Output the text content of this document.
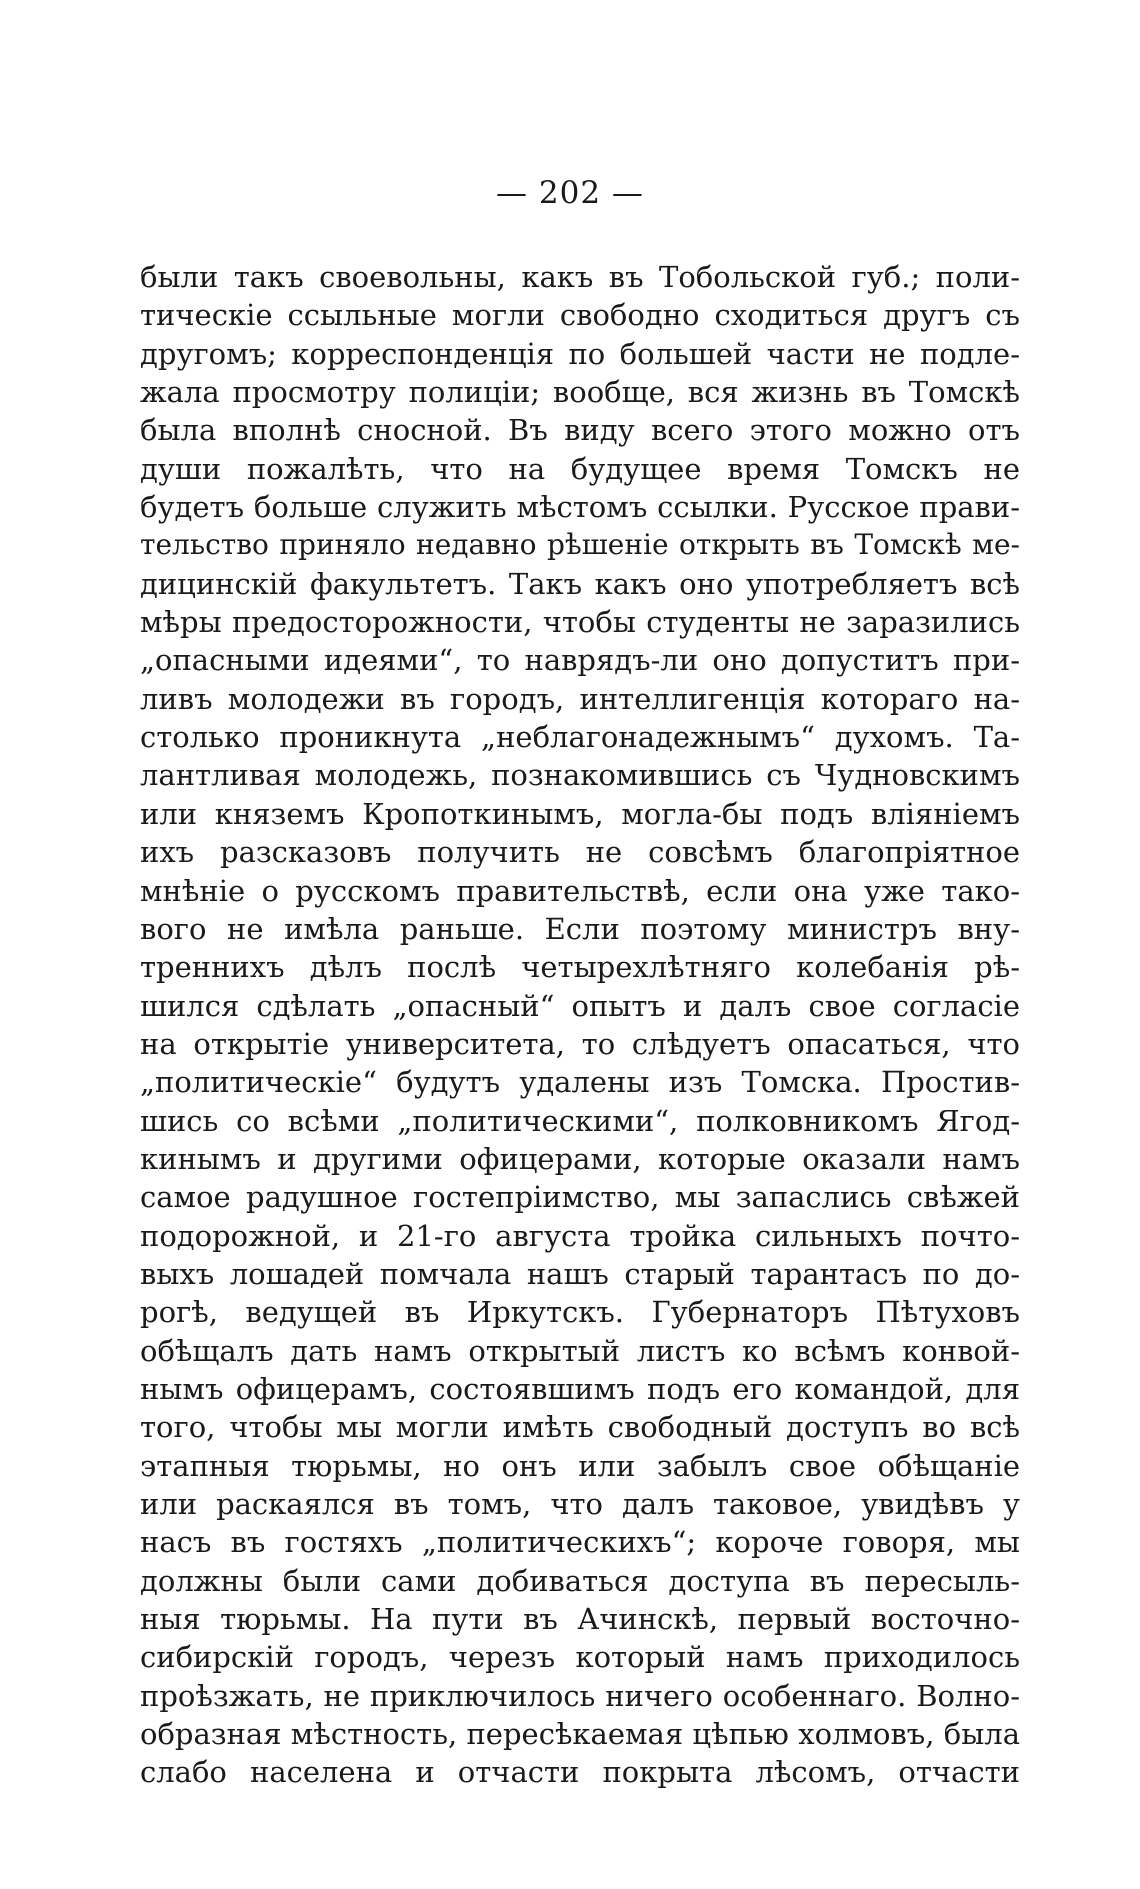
— 202 —
были такъ своевольны, какъ въ Тобольской губ.; поли-
тическіе ссыльные могли свободно сходиться другъ съ
другомъ; корреспонденція по большей части не подле-
жала просмотру полиціи; вообще, вся жизнь въ Томскѣ
была вполнѣ сносной. Въ виду всего этого можно отъ
души пожалѣть, что на будущее время Томскъ не
будетъ больше служить мѣстомъ ссылки. Русское прави-
тельство приняло недавно рѣшеніе открыть въ Томскѣ ме-
дицинскій факультетъ. Такъ какъ оно употребляетъ всѣ
мѣры предосторожности, чтобы студенты не заразились
„опасными идеями“, то наврядъ-ли оно допуститъ при-
ливъ молодежи въ городъ, интеллигенція котораго на-
столько проникнута „неблагонадежнымъ“ духомъ. Та-
лантливая молодежь, познакомившись съ Чудновскимъ
или княземъ Кропоткинымъ, могла-бы подъ вліяніемъ
ихъ разсказовъ получить не совсѣмъ благопріятное
мнѣніе о русскомъ правительствѣ, если она уже тако-
вого не имѣла раньше. Если поэтому министръ вну-
треннихъ дѣлъ послѣ четырехлѣтняго колебанія рѣ-
шился сдѣлать „опасный“ опытъ и далъ свое согласіе
на открытіе университета, то слѣдуетъ опасаться, что
„политическіе“ будутъ удалены изъ Томска. Простив-
шись со всѣми „политическими“, полковникомъ Ягод-
кинымъ и другими офицерами, которые оказали намъ
самое радушное гостепріимство, мы запаслись свѣжей
подорожной, и 21-го августа тройка сильныхъ почто-
выхъ лошадей помчала нашъ старый тарантасъ по до-
рогѣ, ведущей въ Иркутскъ. Губернаторъ Пѣтуховъ
обѣщалъ дать намъ открытый листъ ко всѣмъ конвой-
нымъ офицерамъ, состоявшимъ подъ его командой, для
того, чтобы мы могли имѣть свободный доступъ во всѣ
этапныя тюрьмы, но онъ или забылъ свое обѣщаніе
или раскаялся въ томъ, что далъ таковое, увидѣвъ у
насъ въ гостяхъ „политическихъ“; короче говоря, мы
должны были сами добиваться доступа въ пересыль-
ныя тюрьмы. На пути въ Ачинскѣ, первый восточно-
сибирскій городъ, черезъ который намъ приходилось
проѣзжать, не приключилось ничего особеннаго. Волно-
образная мѣстность, пересѣкаемая цѣпью холмовъ, была
слабо населена и отчасти покрыта лѣсомъ, отчасти
